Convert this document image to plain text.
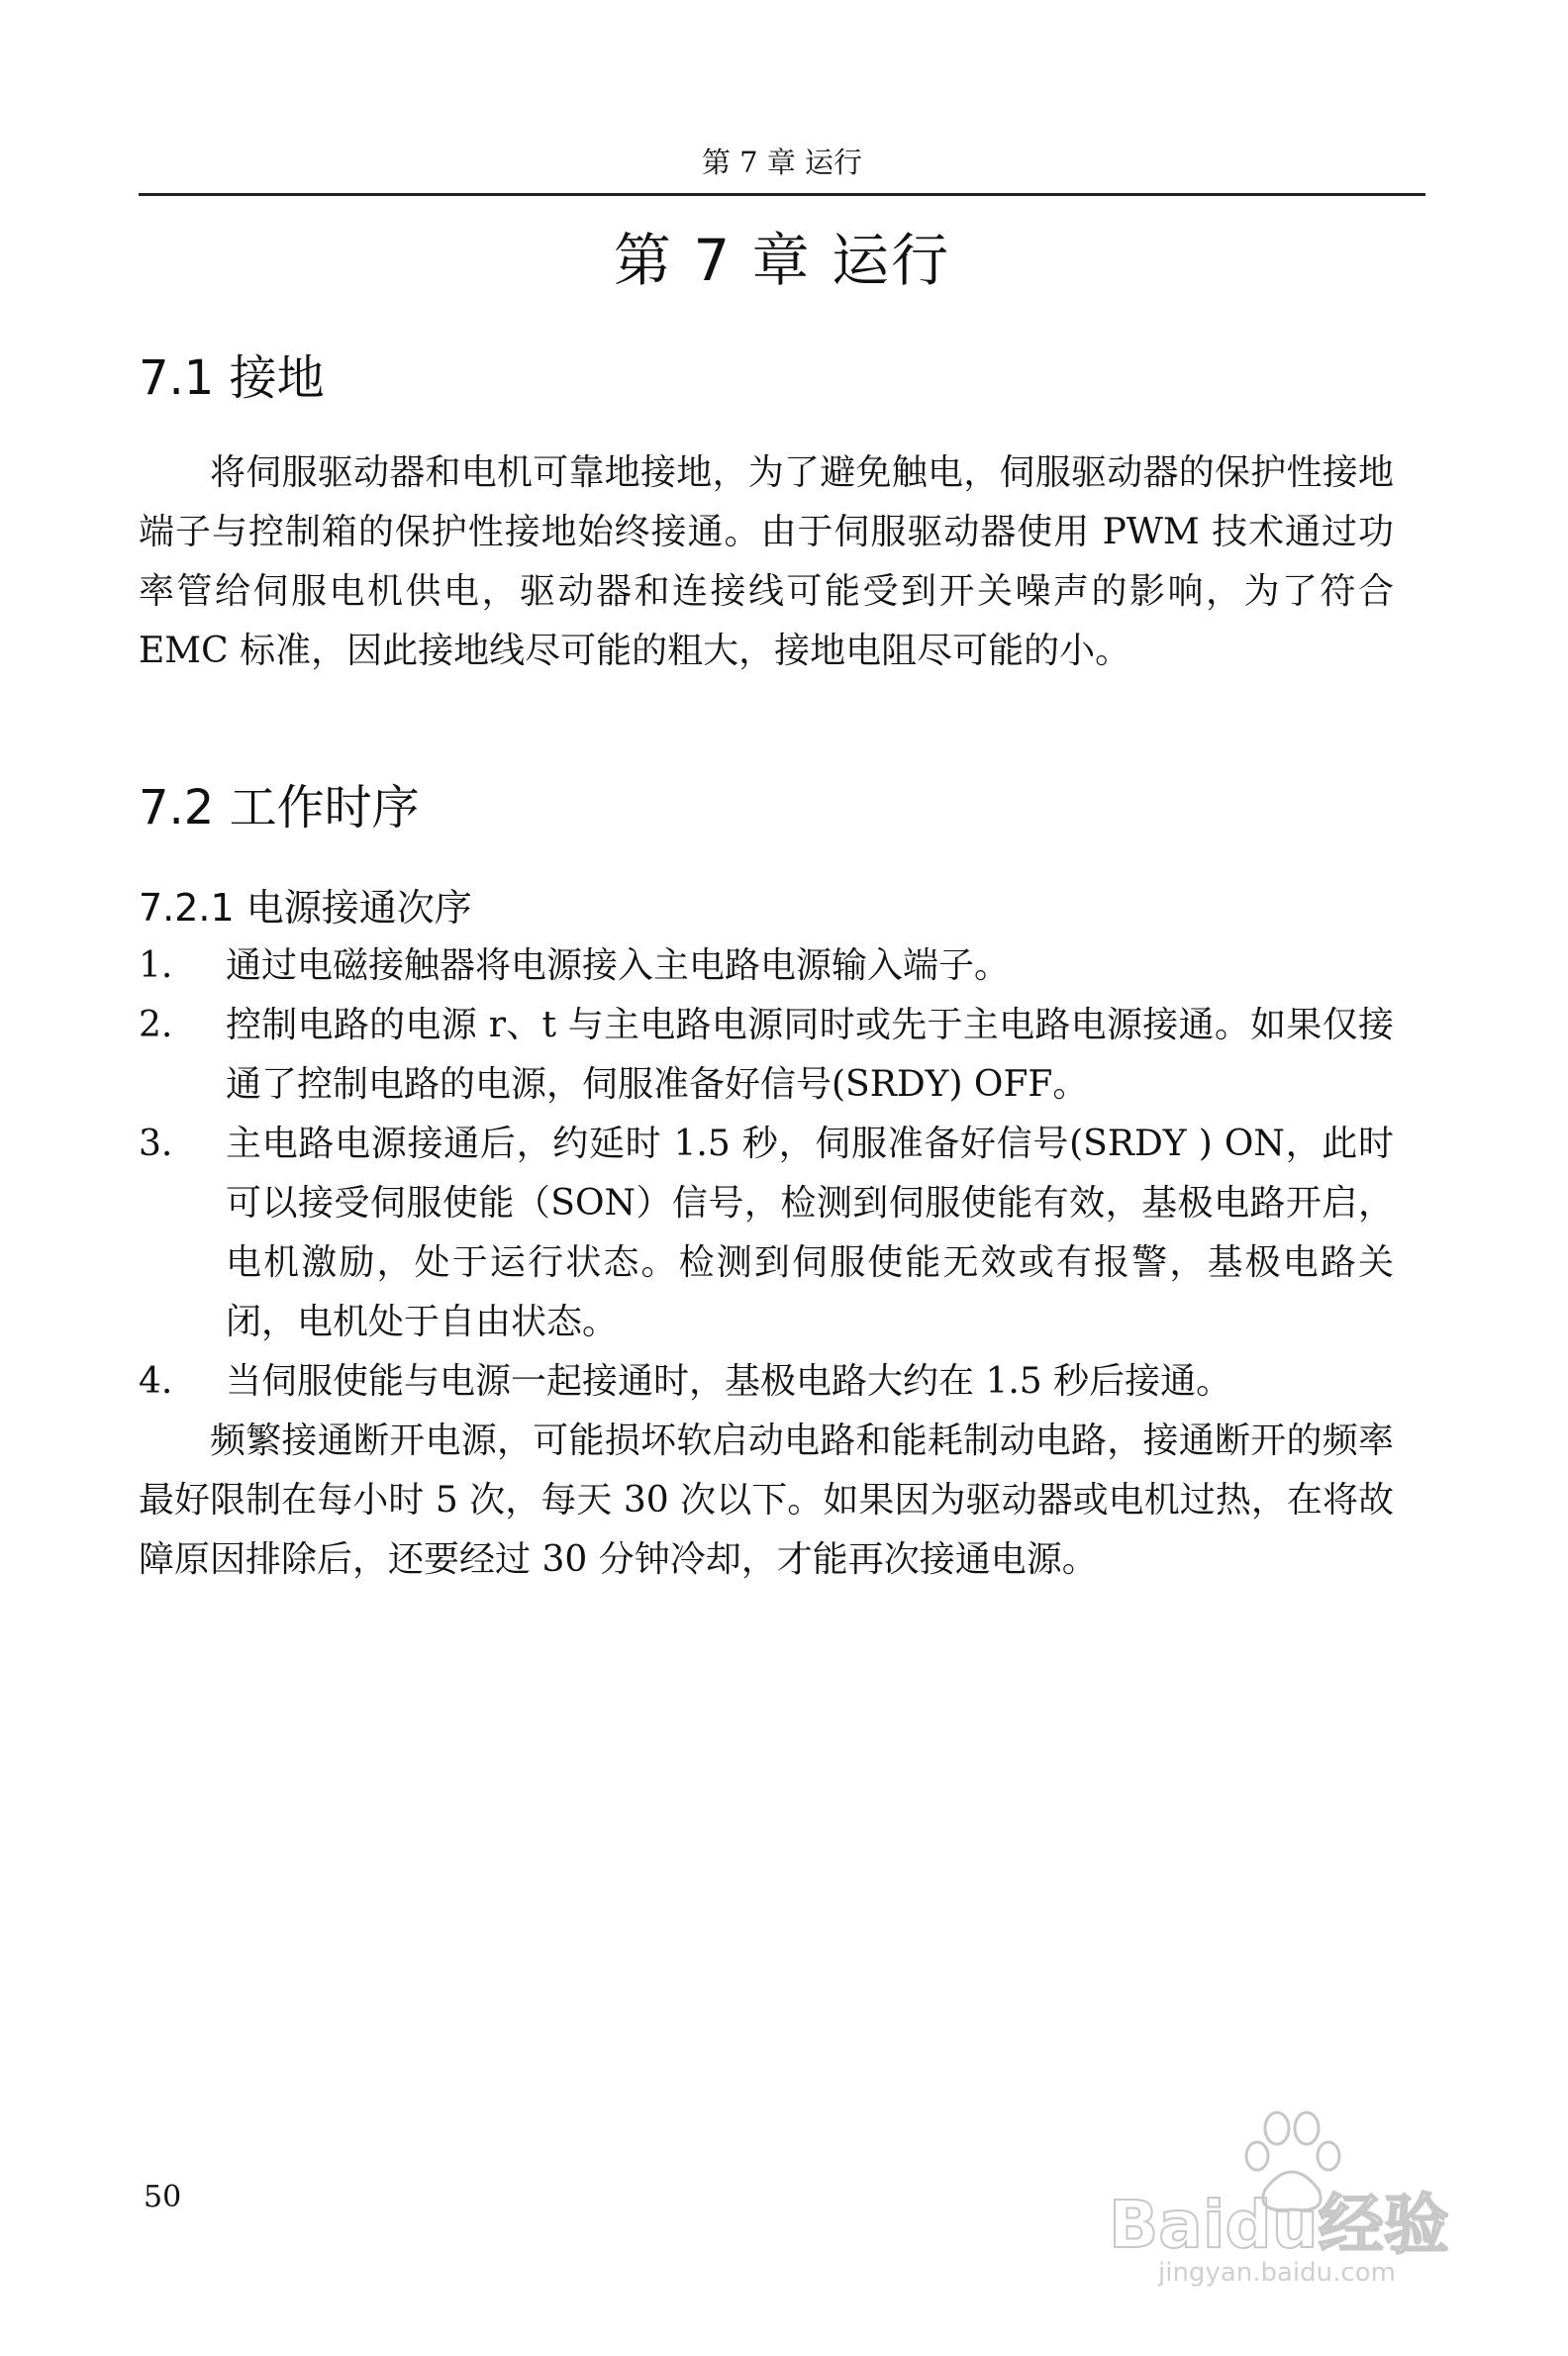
第 7 章 运行
第 7 章 运行
7.1 接地

将伺服驱动器和电机可靠地接地，为了避免触电，伺服驱动器的保护性接地端子与控制箱的保护性接地始终接通。由于伺服驱动器使用 PWM 技术通过功率管给伺服电机供电，驱动器和连接线可能受到开关噪声的影响，为了符合 EMC 标准，因此接地线尽可能的粗大，接地电阻尽可能的小。

7.2 工作时序
7.2.1 电源接通次序
1. 通过电磁接触器将电源接入主电路电源输入端子。
2. 控制电路的电源 r、t 与主电路电源同时或先于主电路电源接通。如果仅接通了控制电路的电源，伺服准备好信号(SRDY) OFF。
3. 主电路电源接通后，约延时 1.5 秒，伺服准备好信号(SRDY ) ON，此时可以接受伺服使能（SON）信号，检测到伺服使能有效，基极电路开启，电机激励，处于运行状态。检测到伺服使能无效或有报警，基极电路关闭，电机处于自由状态。
4. 当伺服使能与电源一起接通时，基极电路大约在 1.5 秒后接通。

频繁接通断开电源，可能损坏软启动电路和能耗制动电路，接通断开的频率最好限制在每小时 5 次，每天 30 次以下。如果因为驱动器或电机过热，在将故障原因排除后，还要经过 30 分钟冷却，才能再次接通电源。

50	Baidu经验
jingyan.baidu.com
